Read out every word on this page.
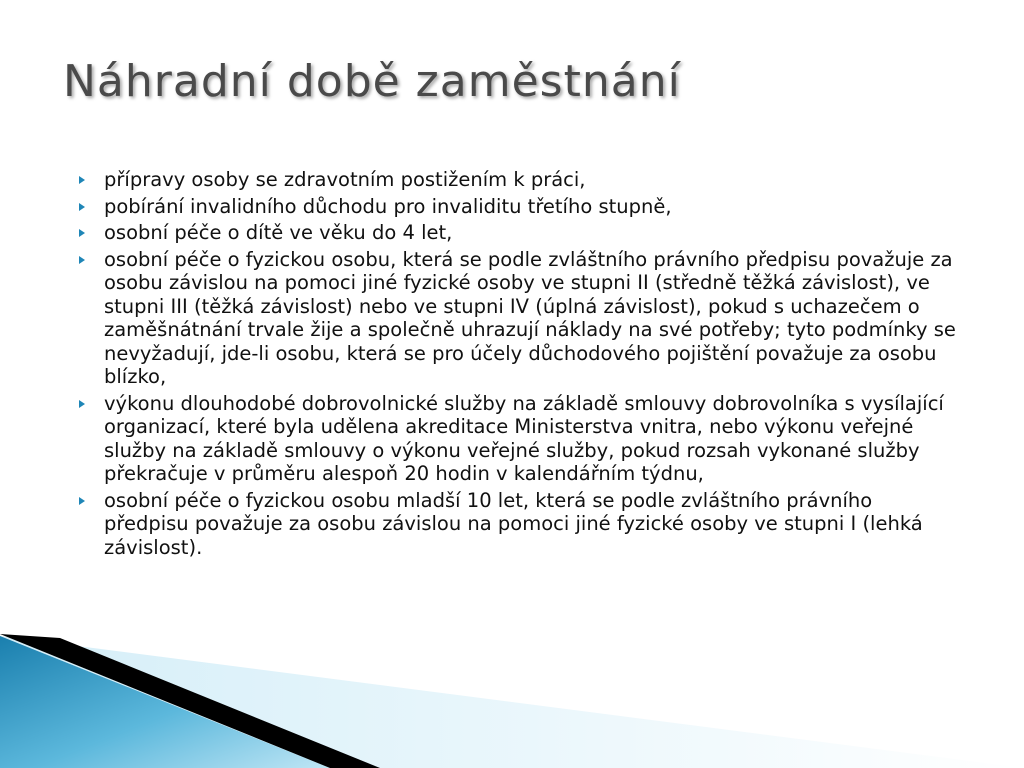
Náhradní době zaměstnání
přípravy osoby se zdravotním postižením k práci,
pobírání invalidního důchodu pro invaliditu třetího stupně,
osobní péče o dítě ve věku do 4 let,
osobní péče o fyzickou osobu, která se podle zvláštního právního předpisu považuje za osobu závislou na pomoci jiné fyzické osoby ve stupni II (středně těžká závislost), ve stupni III (těžká závislost) nebo ve stupni IV (úplná závislost), pokud s uchazečem o zaměšnátnání trvale žije a společně uhrazují náklady na své potřeby; tyto podmínky se nevyžadují, jde-li osobu, která se pro účely důchodového pojištění považuje za osobu blízko,
výkonu dlouhodobé dobrovolnické služby na základě smlouvy dobrovolníka s vysílající organizací, které byla udělena akreditace Ministerstva vnitra, nebo výkonu veřejné služby na základě smlouvy o výkonu veřejné služby, pokud rozsah vykonané služby překračuje v průměru alespoň 20 hodin v kalendářním týdnu,
osobní péče o fyzickou osobu mladší 10 let, která se podle zvláštního právního předpisu považuje za osobu závislou na pomoci jiné fyzické osoby ve stupni I (lehká závislost).
